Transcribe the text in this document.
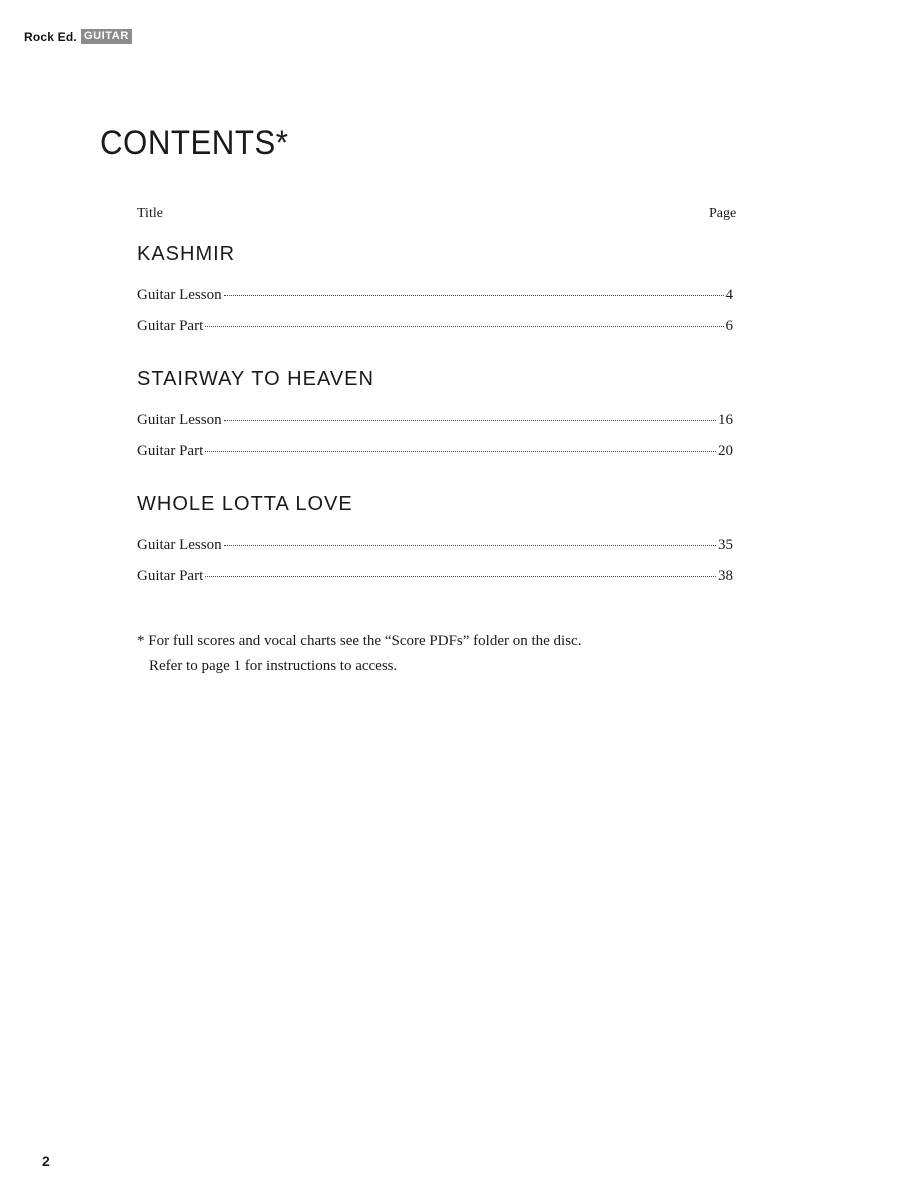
Rock Ed. GUITAR
CONTENTS*
Title	Page
KASHMIR
Guitar Lesson	4
Guitar Part	6
STAIRWAY TO HEAVEN
Guitar Lesson	16
Guitar Part	20
WHOLE LOTTA LOVE
Guitar Lesson	35
Guitar Part	38
* For full scores and vocal charts see the “Score PDFs” folder on the disc.
Refer to page 1 for instructions to access.
2
